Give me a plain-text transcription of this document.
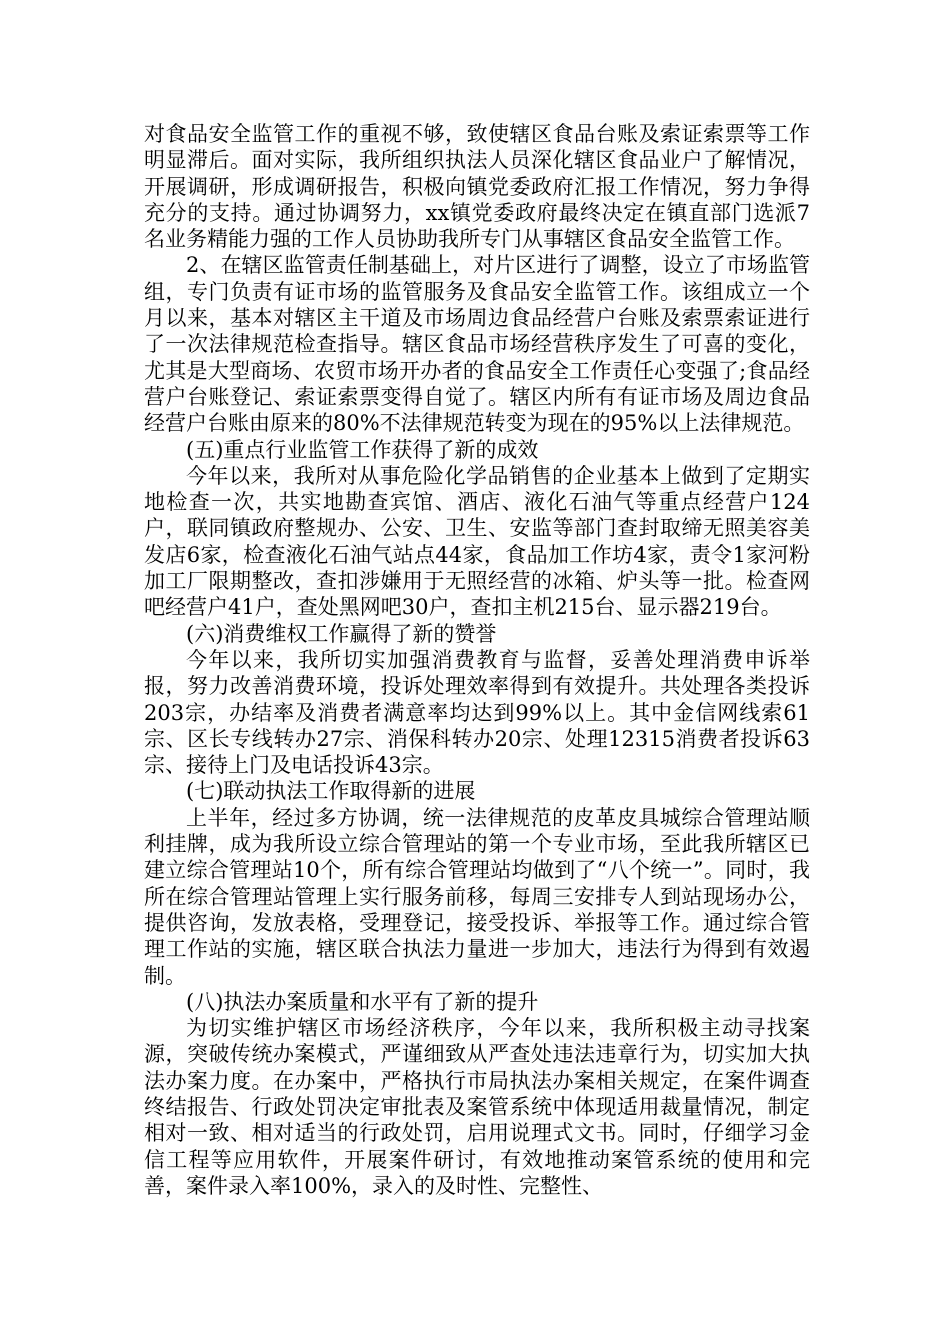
对食品安全监管工作的重视不够，致使辖区食品台账及索证索票等工作明显滞后。面对实际，我所组织执法人员深化辖区食品业户了解情况，开展调研，形成调研报告，积极向镇党委政府汇报工作情况，努力争得充分的支持。通过协调努力，xx镇党委政府最终决定在镇直部门选派7名业务精能力强的工作人员协助我所专门从事辖区食品安全监管工作。

2、在辖区监管责任制基础上，对片区进行了调整，设立了市场监管组，专门负责有证市场的监管服务及食品安全监管工作。该组成立一个月以来，基本对辖区主干道及市场周边食品经营户台账及索票索证进行了一次法律规范检查指导。辖区食品市场经营秩序发生了可喜的变化，尤其是大型商场、农贸市场开办者的食品安全工作责任心变强了;食品经营户台账登记、索证索票变得自觉了。辖区内所有有证市场及周边食品经营户台账由原来的80%不法律规范转变为现在的95%以上法律规范。

(五)重点行业监管工作获得了新的成效

今年以来，我所对从事危险化学品销售的企业基本上做到了定期实地检查一次，共实地勘查宾馆、酒店、液化石油气等重点经营户124户，联同镇政府整规办、公安、卫生、安监等部门查封取缔无照美容美发店6家，检查液化石油气站点44家，食品加工作坊4家，责令1家河粉加工厂限期整改，查扣涉嫌用于无照经营的冰箱、炉头等一批。检查网吧经营户41户，查处黑网吧30户，查扣主机215台、显示器219台。

(六)消费维权工作赢得了新的赞誉

今年以来，我所切实加强消费教育与监督，妥善处理消费申诉举报，努力改善消费环境，投诉处理效率得到有效提升。共处理各类投诉203宗，办结率及消费者满意率均达到99%以上。其中金信网线索61宗、区长专线转办27宗、消保科转办20宗、处理12315消费者投诉63宗、接待上门及电话投诉43宗。

(七)联动执法工作取得新的进展

上半年，经过多方协调，统一法律规范的皮革皮具城综合管理站顺利挂牌，成为我所设立综合管理站的第一个专业市场，至此我所辖区已建立综合管理站10个，所有综合管理站均做到了“八个统一”。同时，我所在综合管理站管理上实行服务前移，每周三安排专人到站现场办公，提供咨询，发放表格，受理登记，接受投诉、举报等工作。通过综合管理工作站的实施，辖区联合执法力量进一步加大，违法行为得到有效遏制。

(八)执法办案质量和水平有了新的提升

为切实维护辖区市场经济秩序，今年以来，我所积极主动寻找案源，突破传统办案模式，严谨细致从严查处违法违章行为，切实加大执法办案力度。在办案中，严格执行市局执法办案相关规定，在案件调查终结报告、行政处罚决定审批表及案管系统中体现适用裁量情况，制定相对一致、相对适当的行政处罚，启用说理式文书。同时，仔细学习金信工程等应用软件，开展案件研讨，有效地推动案管系统的使用和完善，案件录入率100%，录入的及时性、完整性、
